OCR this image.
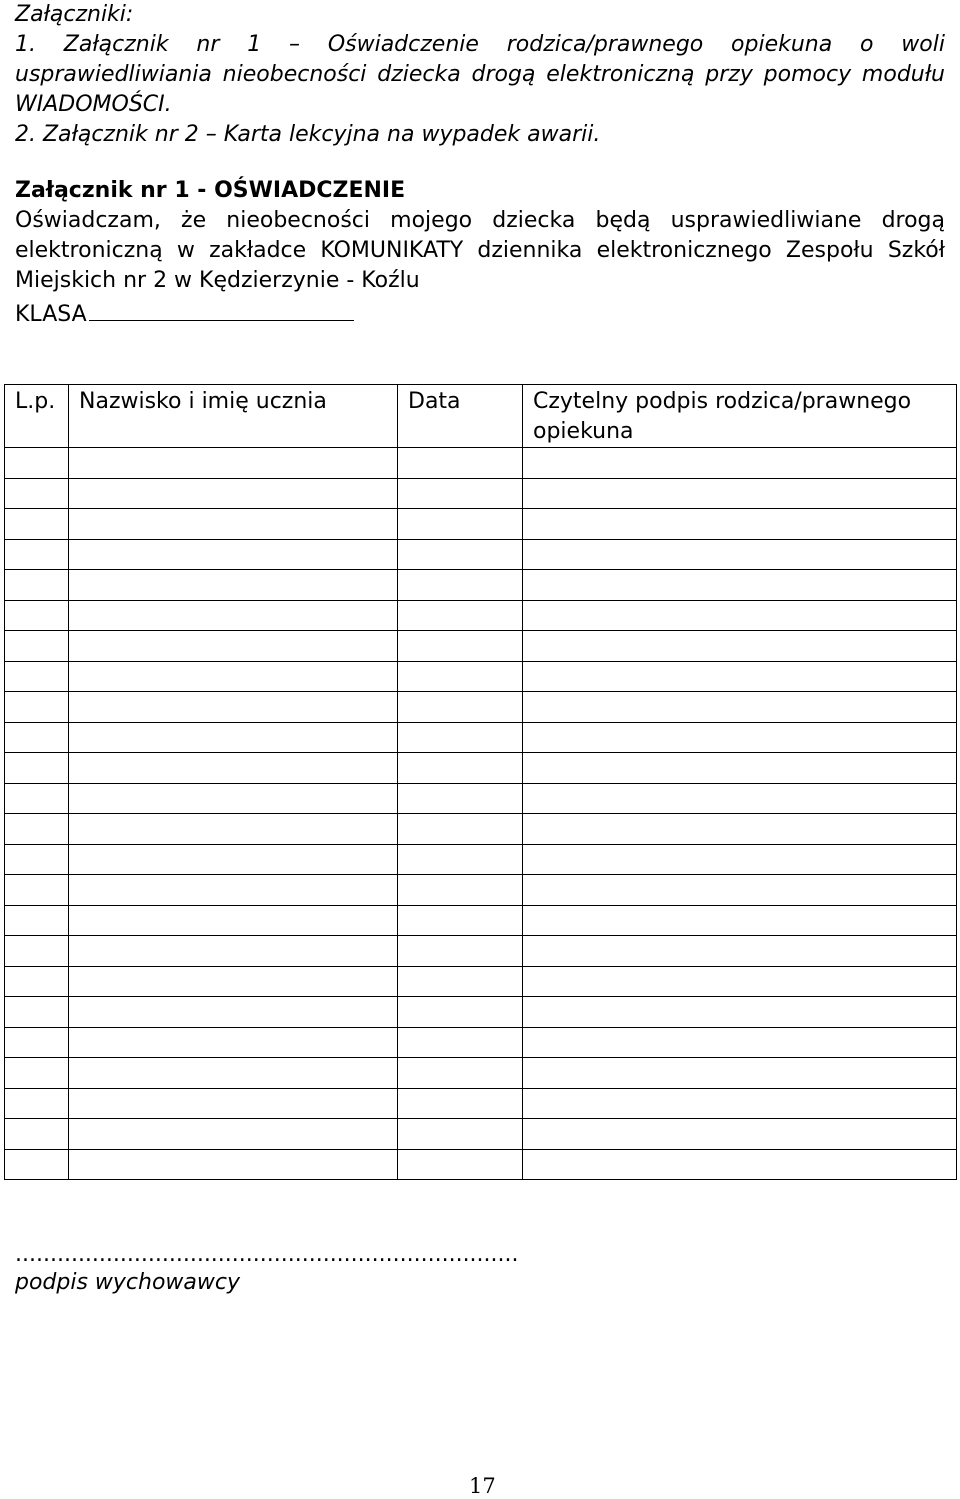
Załączniki:
1. Załącznik nr 1 – Oświadczenie rodzica/prawnego opiekuna o woli usprawiedliwiania nieobecności dziecka drogą elektroniczną przy pomocy modułu WIADOMOŚCI.
2. Załącznik nr 2 – Karta lekcyjna na wypadek awarii.
Załącznik nr 1 - OŚWIADCZENIE
Oświadczam, że nieobecności mojego dziecka będą usprawiedliwiane drogą elektroniczną w zakładce KOMUNIKATY dziennika elektronicznego Zespołu Szkół Miejskich nr 2 w Kędzierzynie - Koźlu
KLASA
L.p.	Nazwisko i imię ucznia	Data	Czytelny podpis rodzica/prawnego opiekuna

........................................................................
podpis wychowawcy
17
